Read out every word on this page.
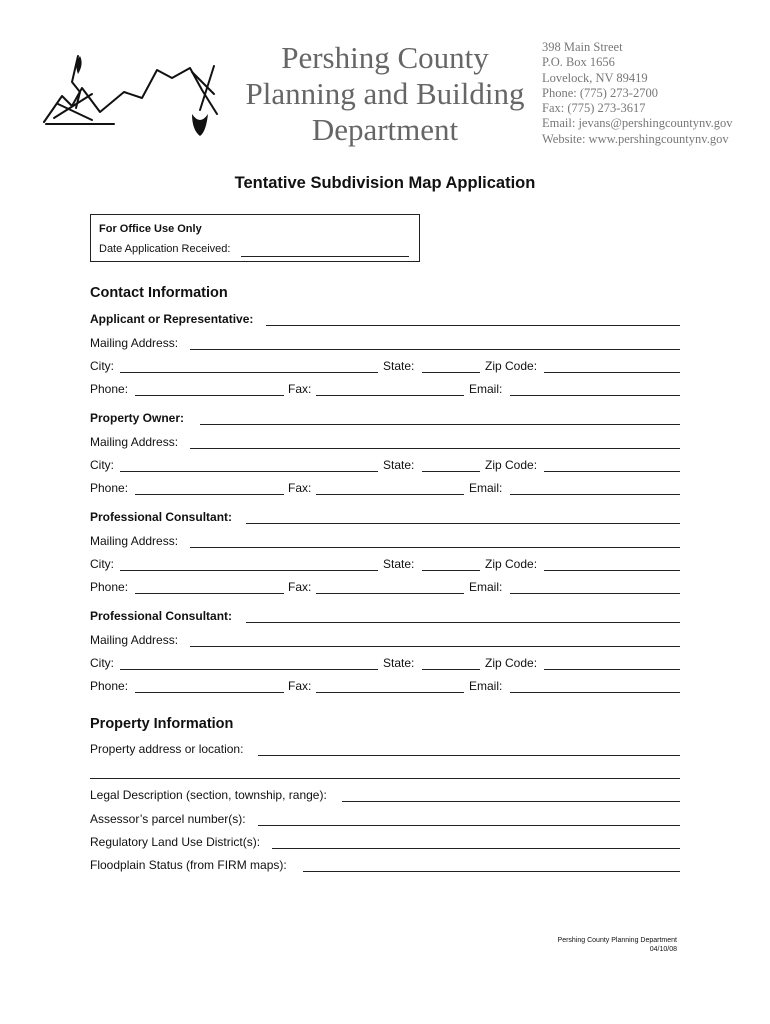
Pershing County
Planning and Building
Department
398 Main Street
P.O. Box 1656
Lovelock, NV 89419
Phone: (775) 273-2700
Fax: (775) 273-3617
Email: jevans@pershingcountynv.gov
Website: www.pershingcountynv.gov
Tentative Subdivision Map Application
For Office Use Only
Date Application Received:
Contact Information
Applicant or Representative:
Mailing Address:
City:	State:	Zip Code:
Phone:	Fax:	Email:
Property Owner:
Mailing Address:
City:	State:	Zip Code:
Phone:	Fax:	Email:
Professional Consultant:
Mailing Address:
City:	State:	Zip Code:
Phone:	Fax:	Email:
Professional Consultant:
Mailing Address:
City:	State:	Zip Code:
Phone:	Fax:	Email:
Property Information
Property address or location:
Legal Description (section, township, range):
Assessor’s parcel number(s):
Regulatory Land Use District(s):
Floodplain Status (from FIRM maps):
Pershing County Planning Department
04/10/08
